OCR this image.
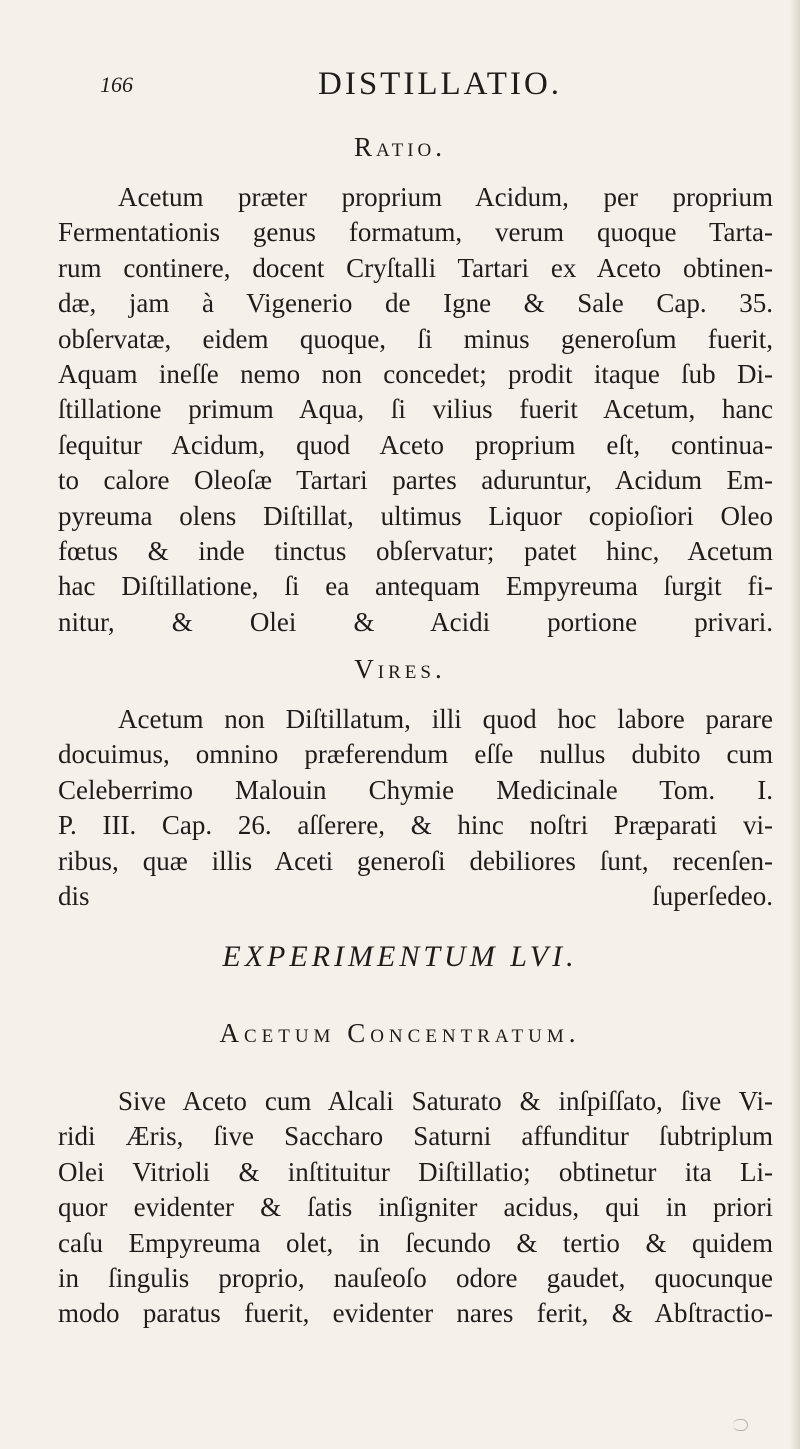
166	DISTILLATIO.
Ratio.
Acetum præter proprium Acidum, per proprium
Fermentationis genus formatum, verum quoque Tarta-
rum continere, docent Cryſtalli Tartari ex Aceto obtinen-
dæ, jam à Vigenerio de Igne & Sale Cap. 35.
obſervatæ, eidem quoque, ſi minus generoſum fuerit,
Aquam ineſſe nemo non concedet; prodit itaque ſub Di-
ſtillatione primum Aqua, ſi vilius fuerit Acetum, hanc
ſequitur Acidum, quod Aceto proprium eſt, continua-
to calore Oleoſæ Tartari partes aduruntur, Acidum Em-
pyreuma olens Diſtillat, ultimus Liquor copioſiori Oleo
fœtus & inde tinctus obſervatur; patet hinc, Acetum
hac Diſtillatione, ſi ea antequam Empyreuma ſurgit fi-
nitur, & Olei & Acidi portione privari.
Vires.
Acetum non Diſtillatum, illi quod hoc labore parare
docuimus, omnino præferendum eſſe nullus dubito cum
Celeberrimo Malouin Chymie Medicinale Tom. I.
P. III. Cap. 26. aſſerere, & hinc noſtri Præparati vi-
ribus, quæ illis Aceti generoſi debiliores ſunt, recenſen-
dis ſuperſedeo.
EXPERIMENTUM LVI.
Acetum Concentratum.
Sive Aceto cum Alcali Saturato & inſpiſſato, ſive Vi-
ridi Æris, ſive Saccharo Saturni affunditur ſubtriplum
Olei Vitrioli & inſtituitur Diſtillatio; obtinetur ita Li-
quor evidenter & ſatis inſigniter acidus, qui in priori
caſu Empyreuma olet, in ſecundo & tertio & quidem
in ſingulis proprio, nauſeoſo odore gaudet, quocunque
modo paratus fuerit, evidenter nares ferit, & Abſtractio-
